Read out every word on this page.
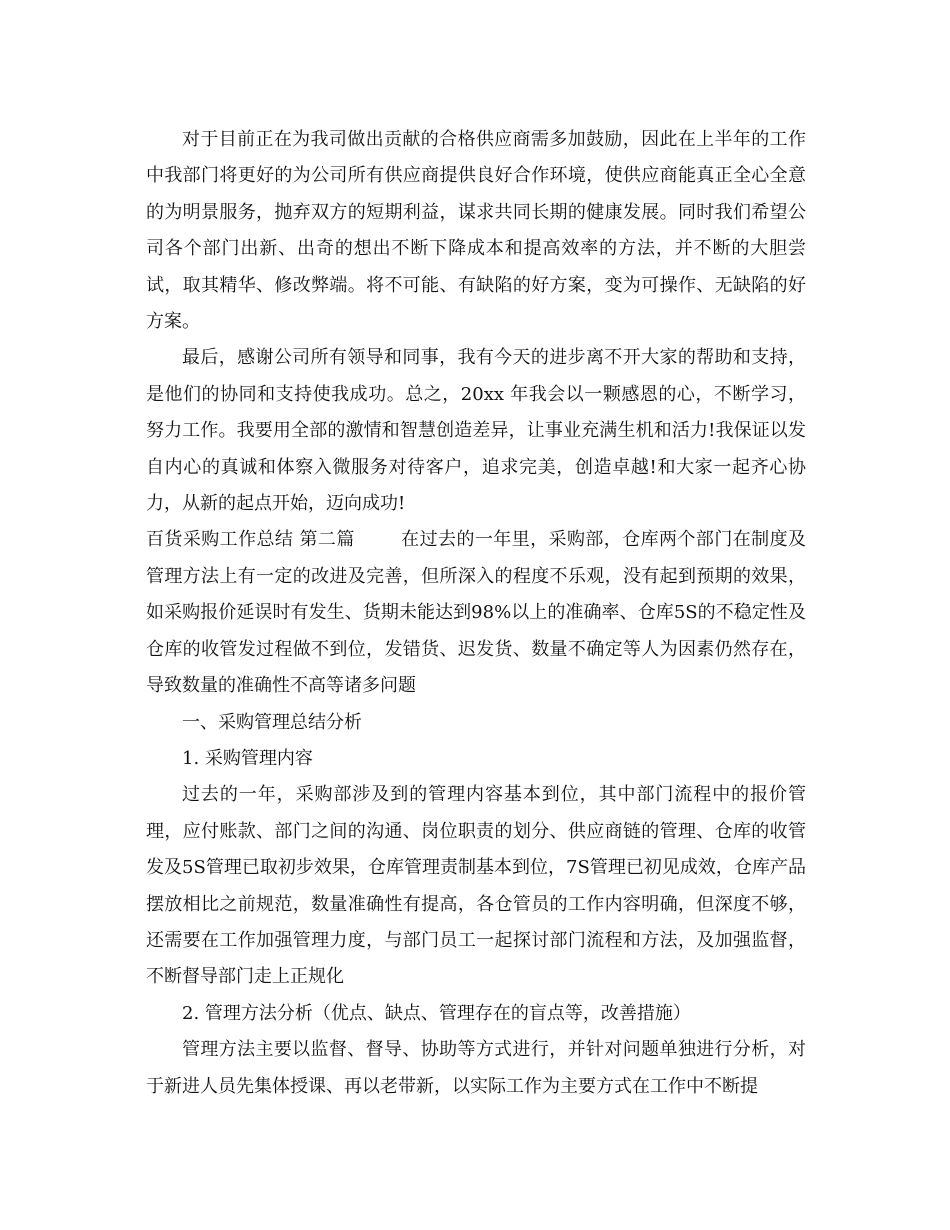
对于目前正在为我司做出贡献的合格供应商需多加鼓励，因此在上半年的工作中我部门将更好的为公司所有供应商提供良好合作环境，使供应商能真正全心全意的为明景服务，抛弃双方的短期利益，谋求共同长期的健康发展。同时我们希望公司各个部门出新、出奇的想出不断下降成本和提高效率的方法，并不断的大胆尝试，取其精华、修改弊端。将不可能、有缺陷的好方案，变为可操作、无缺陷的好方案。

最后，感谢公司所有领导和同事，我有今天的进步离不开大家的帮助和支持，是他们的协同和支持使我成功。总之，20xx 年我会以一颗感恩的心，不断学习，努力工作。我要用全部的激情和智慧创造差异，让事业充满生机和活力!我保证以发自内心的真诚和体察入微服务对待客户，追求完美，创造卓越!和大家一起齐心协力，从新的起点开始，迈向成功!

百货采购工作总结 第二篇	在过去的一年里，采购部，仓库两个部门在制度及管理方法上有一定的改进及完善，但所深入的程度不乐观，没有起到预期的效果，如采购报价延误时有发生、货期未能达到98%以上的准确率、仓库5S的不稳定性及仓库的收管发过程做不到位，发错货、迟发货、数量不确定等人为因素仍然存在，导致数量的准确性不高等诸多问题

一、采购管理总结分析

1. 采购管理内容

过去的一年，采购部涉及到的管理内容基本到位，其中部门流程中的报价管理，应付账款、部门之间的沟通、岗位职责的划分、供应商链的管理、仓库的收管发及5S管理已取初步效果，仓库管理责制基本到位，7S管理已初见成效，仓库产品摆放相比之前规范，数量准确性有提高，各仓管员的工作内容明确，但深度不够，还需要在工作加强管理力度，与部门员工一起探讨部门流程和方法，及加强监督，不断督导部门走上正规化

2. 管理方法分析（优点、缺点、管理存在的盲点等，改善措施）

管理方法主要以监督、督导、协助等方式进行，并针对问题单独进行分析，对于新进人员先集体授课、再以老带新，以实际工作为主要方式在工作中不断提
